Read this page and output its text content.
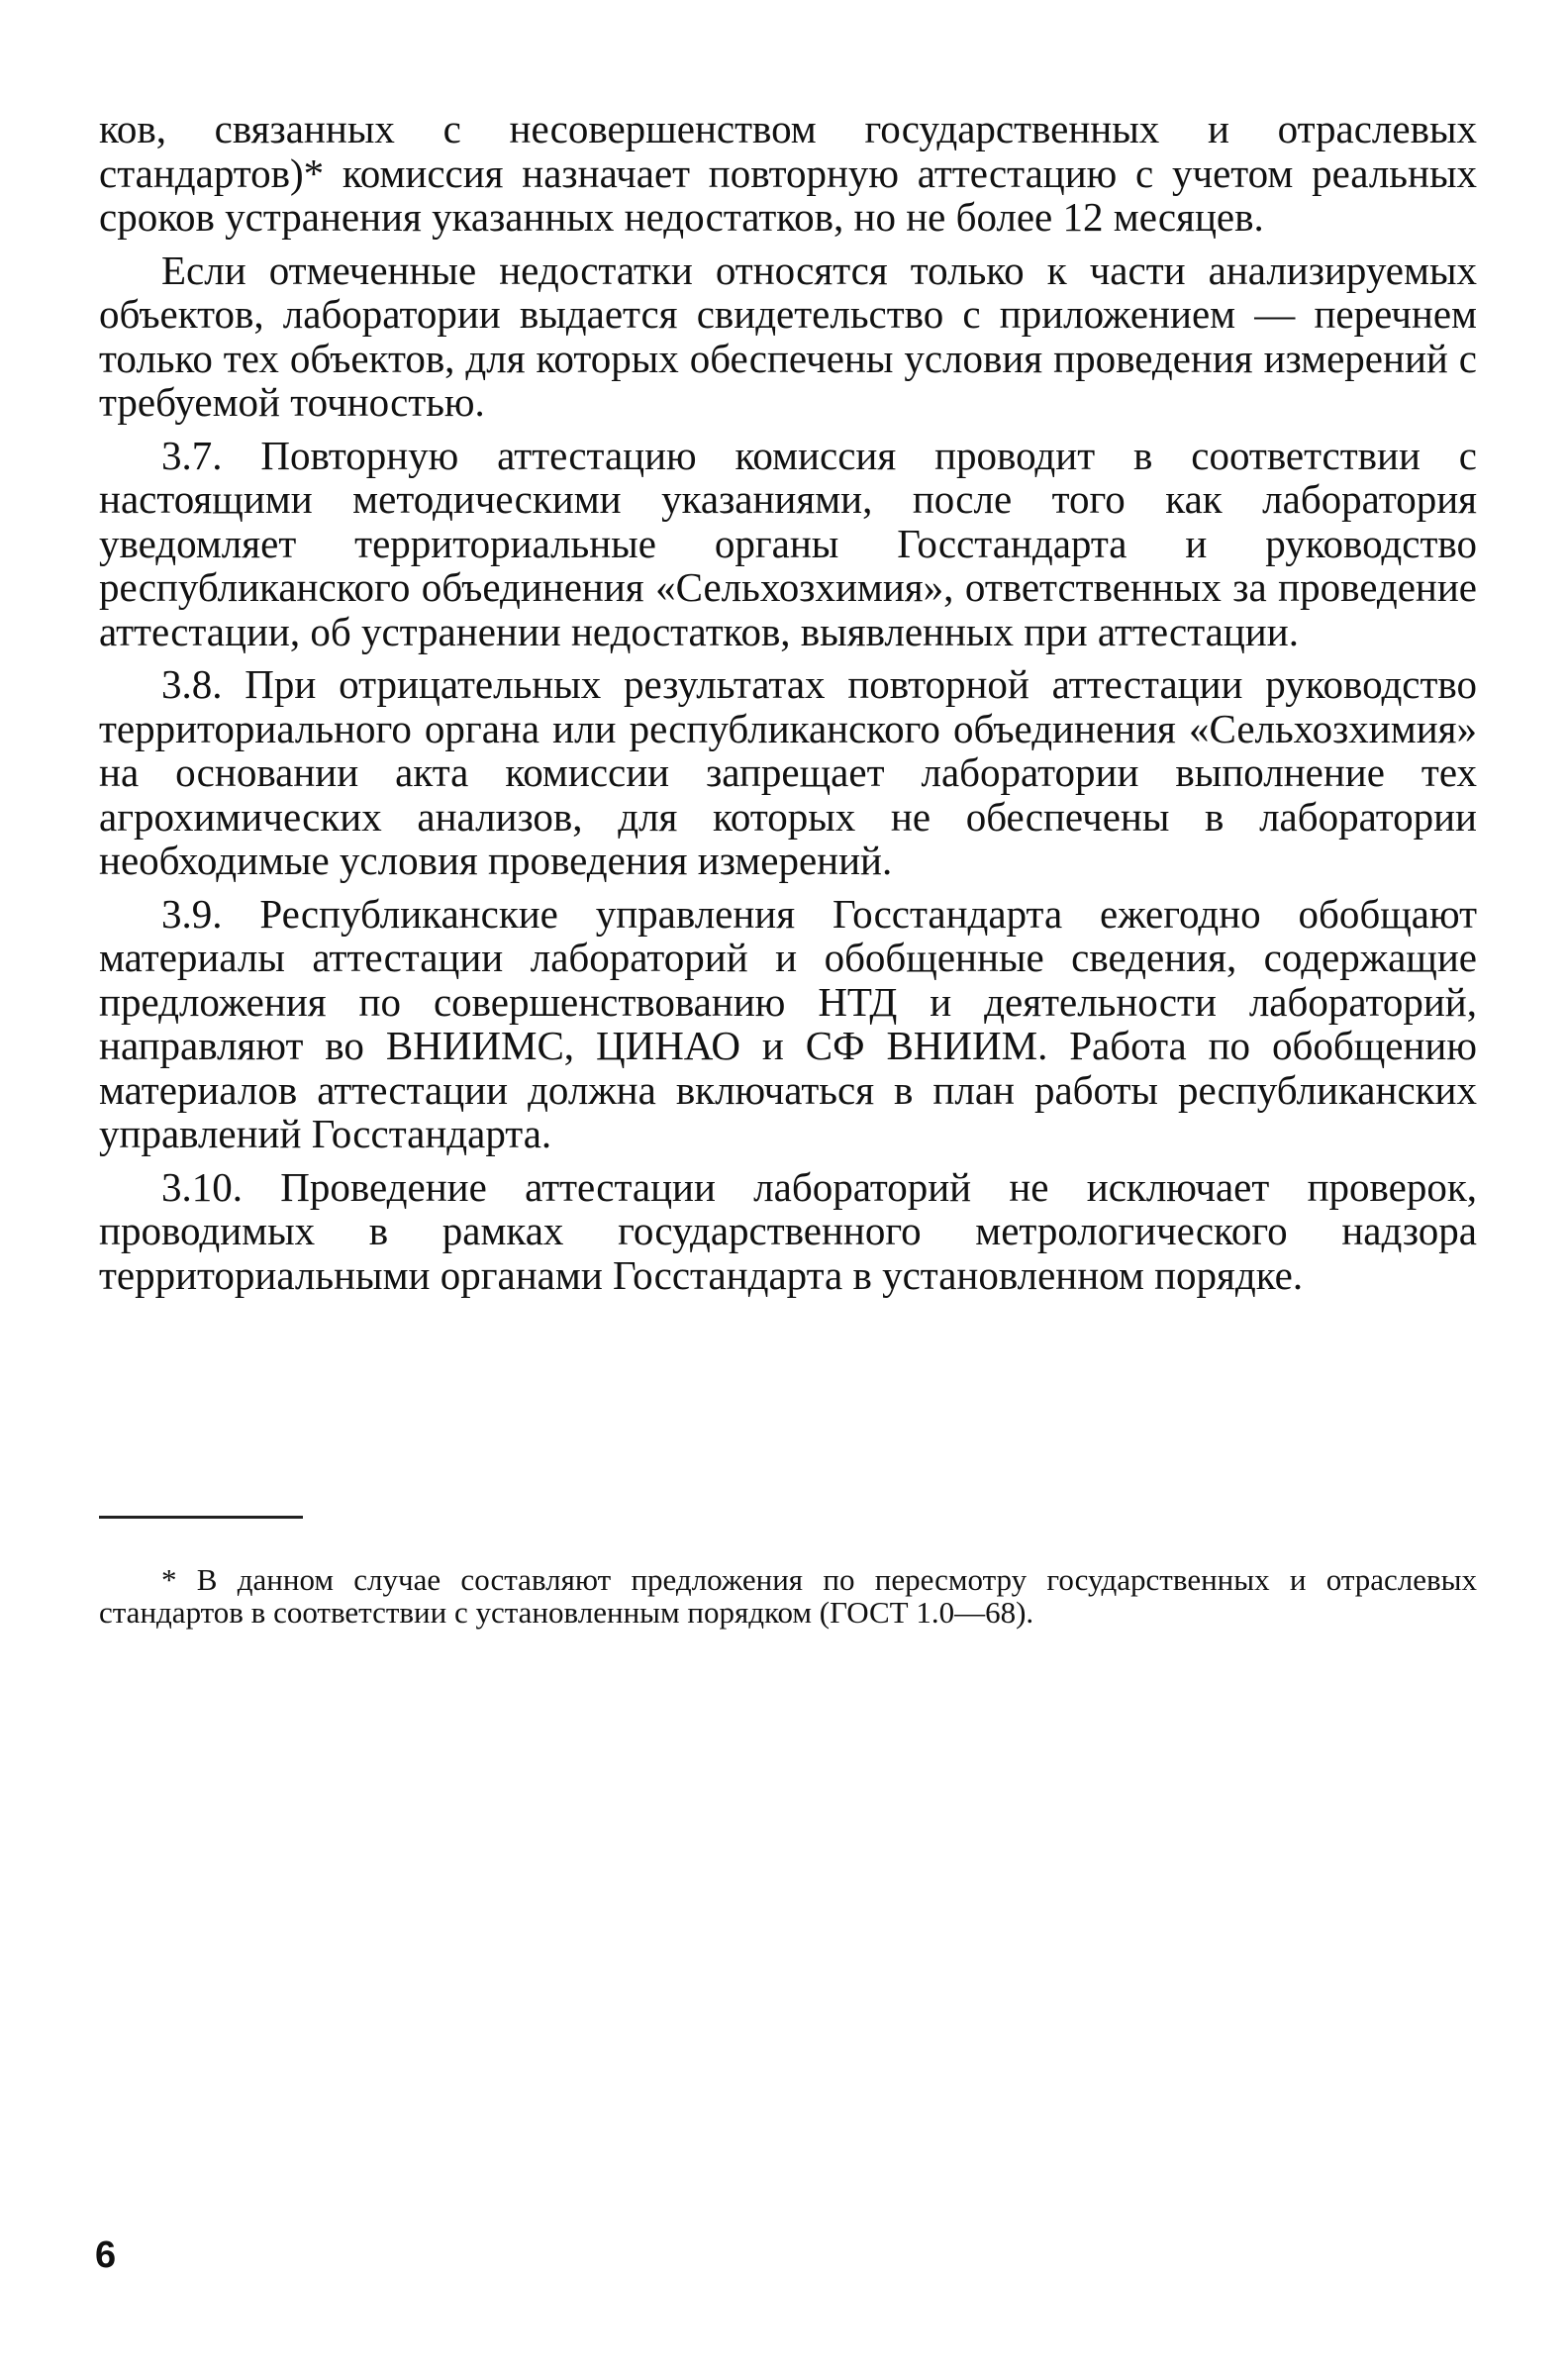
ков, связанных с несовершенством государственных и отраслевых стандартов)* комиссия назначает повторную аттестацию с учетом реальных сроков устранения указанных недостатков, но не более 12 месяцев.

Если отмеченные недостатки относятся только к части анализируемых объектов, лаборатории выдается свидетельство с приложением — перечнем только тех объектов, для которых обеспечены условия проведения измерений с требуемой точностью.

3.7. Повторную аттестацию комиссия проводит в соответствии с настоящими методическими указаниями, после того как лаборатория уведомляет территориальные органы Госстандарта и руководство республиканского объединения «Сельхозхимия», ответственных за проведение аттестации, об устранении недостатков, выявленных при аттестации.

3.8. При отрицательных результатах повторной аттестации руководство территориального органа или республиканского объединения «Сельхозхимия» на основании акта комиссии запрещает лаборатории выполнение тех агрохимических анализов, для которых не обеспечены в лаборатории необходимые условия проведения измерений.

3.9. Республиканские управления Госстандарта ежегодно обобщают материалы аттестации лабораторий и обобщенные сведения, содержащие предложения по совершенствованию НТД и деятельности лабораторий, направляют во ВНИИМС, ЦИНАО и СФ ВНИИМ. Работа по обобщению материалов аттестации должна включаться в план работы республиканских управлений Госстандарта.

3.10. Проведение аттестации лабораторий не исключает проверок, проводимых в рамках государственного метрологического надзора территориальными органами Госстандарта в установленном порядке.

* В данном случае составляют предложения по пересмотру государственных и отраслевых стандартов в соответствии с установленным порядком (ГОСТ 1.0—68).

6
